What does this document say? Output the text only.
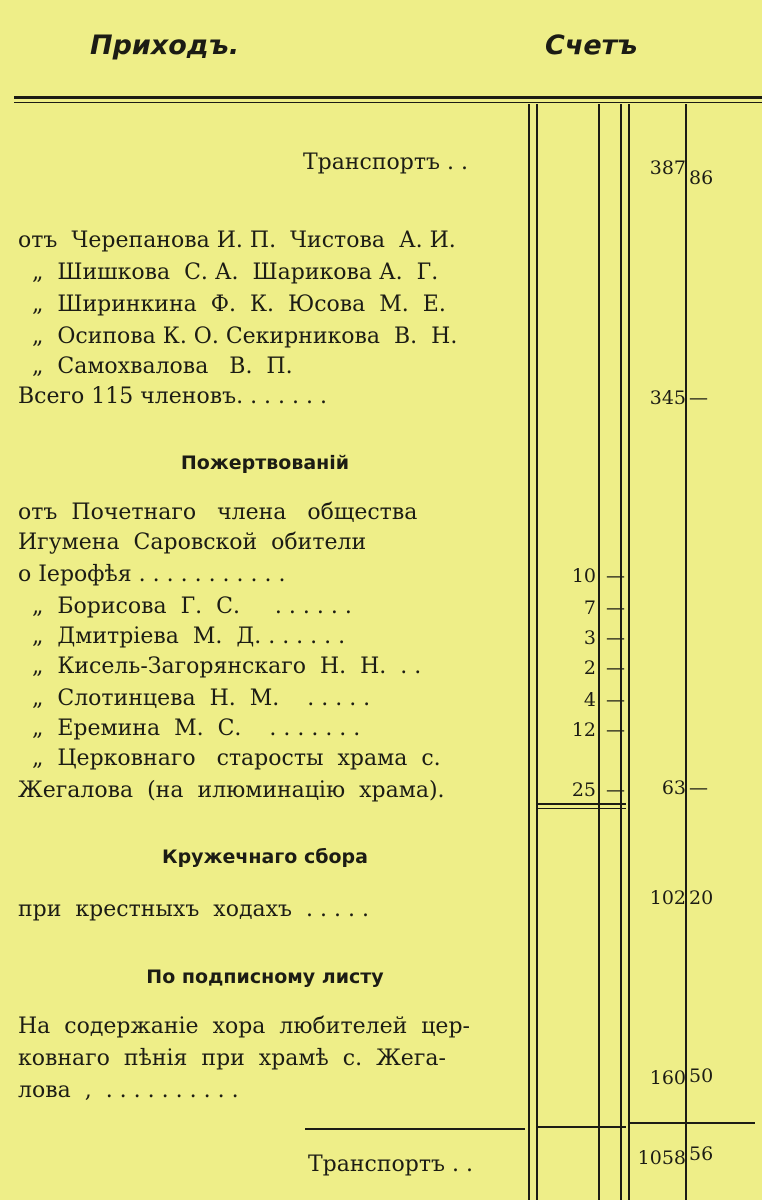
Приходъ.	Счетъ
Транспортъ . .	387 86
отъ  Черепанова И. П.  Чистова  А. И.
„  Шишкова  С. А.  Шарикова А.  Г.
„  Ширинкина  Ф.  К.  Юсова  М.  Е.
„  Осипова К. О. Секирникова  В.  Н.
„  Самохвалова   В.  П.
Всего 115 членовъ. . . . . . .	345 —
Пожертвованій
отъ  Почетнаго   члена   общества
Игумена  Саровской  обители
о Іерофѣя . . . . . . . . . . .	10 —
„  Борисова  Г.  С.     . . . . . .	7 —
„  Дмитріева  М.  Д. . . . . . .	3 —
„  Кисель-Загорянскаго  Н.  Н.  . .	2 —
„  Слотинцева  Н.  М.    . . . . .	4 —
„  Еремина  М.  С.    . . . . . . .	12 —
„  Церковнаго   старосты  храма  с.
Жегалова  (на  илюминацію  храма).	25 — 63 —
Кружечнаго сбора
при  крестныхъ  ходахъ  . . . . .	102 20
По подписному листу
На  содержаніе  хора  любителей  цер-
ковнаго  пѣнія  при  храмѣ  с.  Жега-
лова  ,  . . . . . . . . . .	160 50
Транспортъ . .	1058 56
